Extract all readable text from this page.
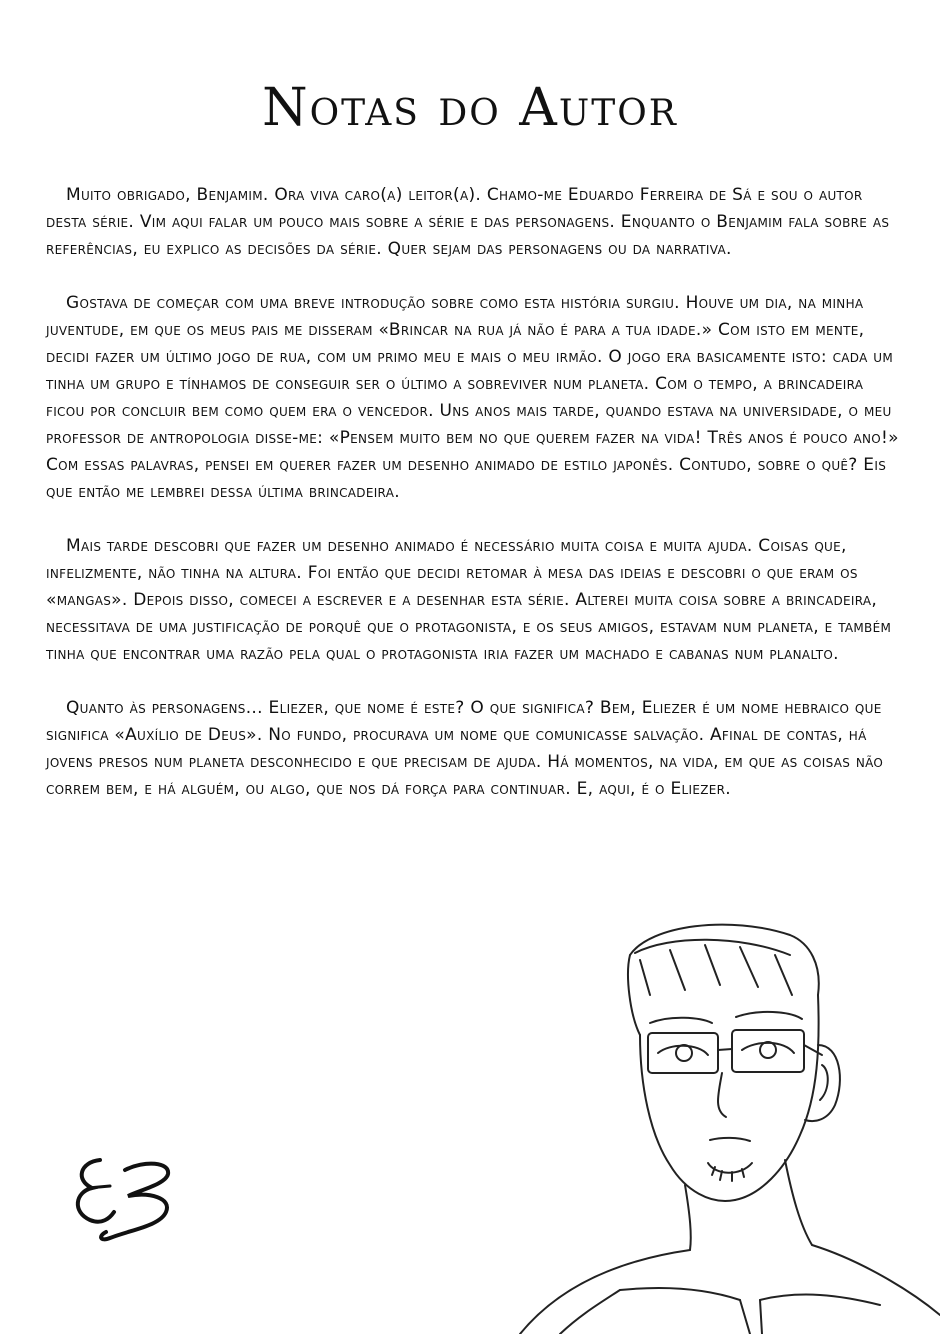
Notas do Autor

Muito obrigado, Benjamim. Ora viva caro(a) leitor(a). Chamo-me Eduardo Ferreira de Sá e sou o autor desta série. Vim aqui falar um pouco mais sobre a série e das personagens. Enquanto o Benjamim fala sobre as referências, eu explico as decisões da série. Quer sejam das personagens ou da narrativa.

Gostava de começar com uma breve introdução sobre como esta história surgiu. Houve um dia, na minha juventude, em que os meus pais me disseram «Brincar na rua já não é para a tua idade.» Com isto em mente, decidi fazer um último jogo de rua, com um primo meu e mais o meu irmão. O jogo era basicamente isto: cada um tinha um grupo e tínhamos de conseguir ser o último a sobreviver num planeta. Com o tempo, a brincadeira ficou por concluir bem como quem era o vencedor. Uns anos mais tarde, quando estava na universidade, o meu professor de antropologia disse-me: «Pensem muito bem no que querem fazer na vida! Três anos é pouco ano!» Com essas palavras, pensei em querer fazer um desenho animado de estilo japonês. Contudo, sobre o quê? Eis que então me lembrei dessa última brincadeira.

Mais tarde descobri que fazer um desenho animado é necessário muita coisa e muita ajuda. Coisas que, infelizmente, não tinha na altura. Foi então que decidi retomar à mesa das ideias e descobri o que eram os «mangas». Depois disso, comecei a escrever e a desenhar esta série. Alterei muita coisa sobre a brincadeira, necessitava de uma justificação de porquê que o protagonista, e os seus amigos, estavam num planeta, e também tinha que encontrar uma razão pela qual o protagonista iria fazer um machado e cabanas num planalto.

Quanto às personagens... Eliezer, que nome é este? O que significa? Bem, Eliezer é um nome hebraico que significa «Auxílio de Deus». No fundo, procurava um nome que comunicasse salvação. Afinal de contas, há jovens presos num planeta desconhecido e que precisam de ajuda. Há momentos, na vida, em que as coisas não correm bem, e há alguém, ou algo, que nos dá força para continuar. E, aqui, é o Eliezer.
